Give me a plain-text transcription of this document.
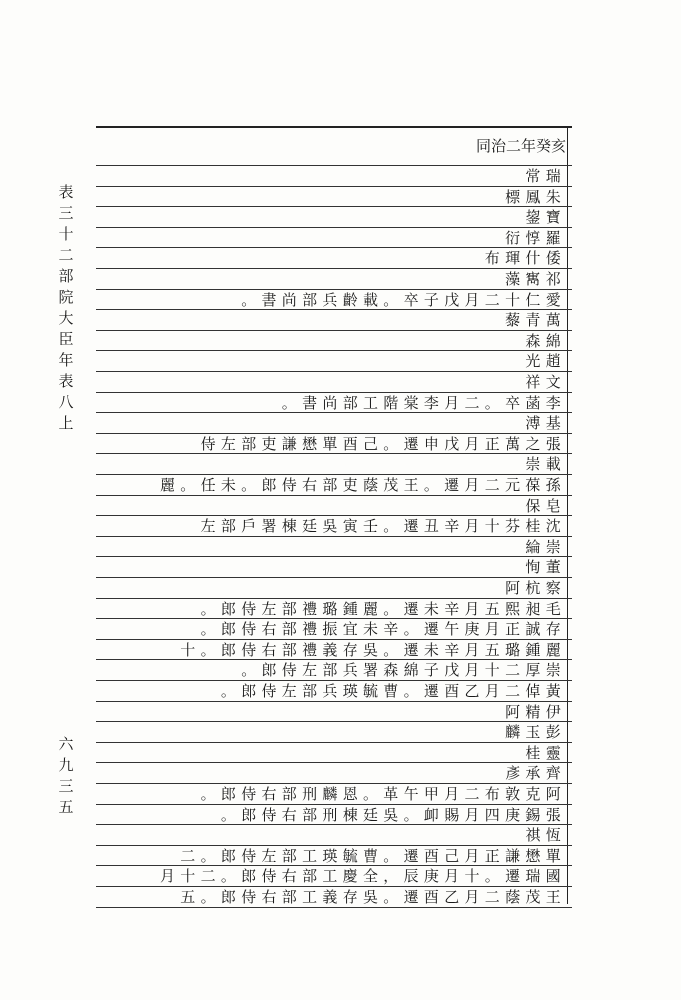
表
三
十
二
部
院
大
臣
年
表
八
上
六
九
三
五
同治二年癸亥
瑞常
朱鳳標
寶鋆
羅惇衍
倭什琿布
祁寯藻
愛仁十二月戊子卒。載齡兵部尚書。
萬青藜
綿森
趙光
文祥
李菡卒。二月李棠階工部尚書。
基溥
張之萬正月戊申遷。己酉單懋謙吏部左侍
載崇
孫葆元二月遷。王茂蔭吏部右侍郎。未任。麗
皂保
沈桂芬十月辛丑遷。壬寅吳廷棟署戶部左
崇綸
董恂
察杭阿
毛昶熙五月辛未遷。麗鍾璐禮部左侍郎。
存誠正月庚午遷。辛未宜振禮部右侍郎。
麗鍾璐五月辛未遷。吳存義禮部右侍郎。十
崇厚二十月戊子綿森署兵部左侍郎。
黃倬二月乙酉遷。曹毓瑛兵部左侍郎。
伊精阿
彭玉麟
靈桂
齊承彥
阿克敦布二月甲午革。恩麟刑部右侍郎。
張錫庚四月賜卹。吳廷棟刑部右侍郎。
恆祺
單懋謙正月己酉遷。曹毓瑛工部左侍郎。二
國瑞遷。十月庚辰，全慶工部右侍郎。二十月
王茂蔭二月乙酉遷。吳存義工部右侍郎。五
